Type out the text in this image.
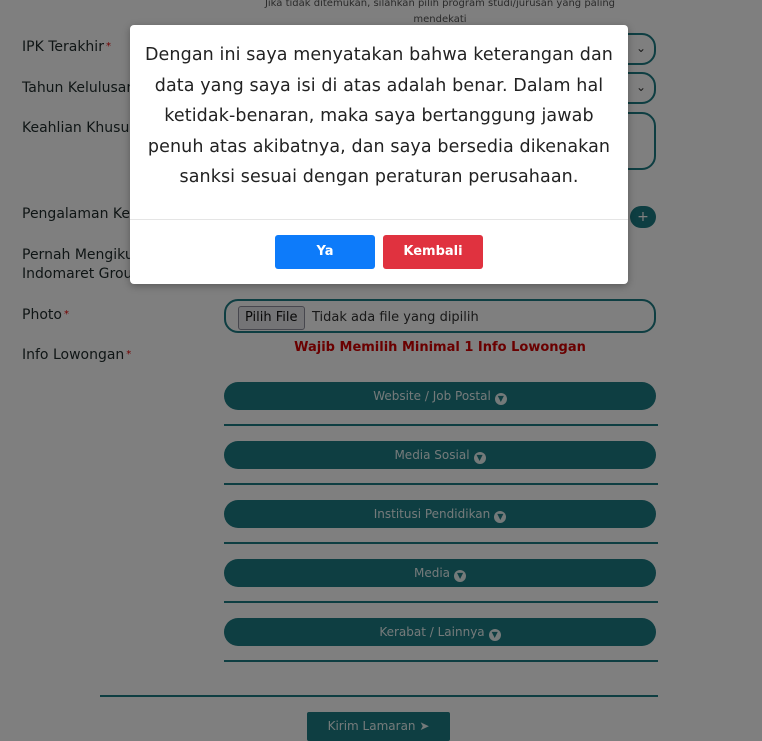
Dengan ini saya menyatakan bahwa keterangan dan data yang saya isi di atas adalah benar. Dalam hal ketidak-benaran, maka saya bertanggung jawab penuh atas akibatnya, dan saya bersedia dikenakan sanksi sesuai dengan peraturan perusahaan.
Ya	Kembali
